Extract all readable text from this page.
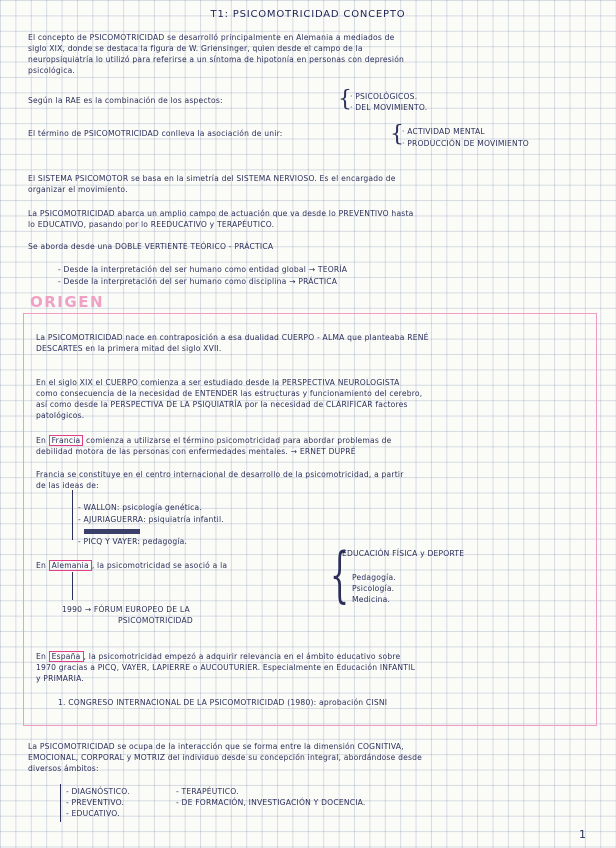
T1: PSICOMOTRICIDAD CONCEPTO
El concepto de PSICOMOTRICIDAD se desarrolló principalmente en Alemania a mediados de
siglo XIX, donde se destaca la figura de W. Griensinger, quien desde el campo de la
neuropsiquiatría lo utilizó para referirse a un síntoma de hipotonía en personas con depresión
psicológica.
Según la RAE es la combinación de los aspectos:	{
· PSICOLÓGICOS.
· DEL MOVIMIENTO.
El término de PSICOMOTRICIDAD conlleva la asociación de unir:	{
· ACTIVIDAD MENTAL
· PRODUCCIÓN DE MOVIMIENTO
El SISTEMA PSICOMOTOR se basa en la simetría del SISTEMA NERVIOSO. Es el encargado de
organizar el movimiento.
La PSICOMOTRICIDAD abarca un amplio campo de actuación que va desde lo PREVENTIVO hasta
lo EDUCATIVO, pasando por lo REEDUCATIVO y TERAPÉUTICO.
Se aborda desde una DOBLE VERTIENTE TEÓRICO - PRÁCTICA
- Desde la interpretación del ser humano como entidad global → TEORÍA
- Desde la interpretación del ser humano como disciplina → PRÁCTICA
ORIGEN
La PSICOMOTRICIDAD nace en contraposición a esa dualidad CUERPO - ALMA que planteaba RENÉ
DESCARTES en la primera mitad del siglo XVII.
En el siglo XIX el CUERPO comienza a ser estudiado desde la PERSPECTIVA NEUROLOGISTA
como consecuencia de la necesidad de ENTENDER las estructuras y funcionamiento del cerebro,
así como desde la PERSPECTIVA DE LA PSIQUIATRÍA por la necesidad de CLARIFICAR factores
patológicos.
En Francia comienza a utilizarse el término psicomotricidad para abordar problemas de
debilidad motora de las personas con enfermedades mentales. → ERNET DUPRÉ
Francia se constituye en el centro internacional de desarrollo de la psicomotricidad, a partir
de las ideas de:
- WALLON: psicología genética.
- AJURIAGUERRA: psiquiatría infantil.
- PICQ Y VAYER: pedagogía.
En Alemania , la psicomotricidad se asoció a la {
EDUCACIÓN FÍSICA y DEPORTE
Pedagogía.
Psicología.
Medicina.
1990 → FÓRUM EUROPEO DE LA
PSICOMOTRICIDAD
En España , la psicomotricidad empezó a adquirir relevancia en el ámbito educativo sobre
1970 gracias a PICQ, VAYER, LAPIERRE o AUCOUTURIER. Especialmente en Educación INFANTIL
y PRIMARIA.
1. CONGRESO INTERNACIONAL DE LA PSICOMOTRICIDAD (1980): aprobación CISNI
La PSICOMOTRICIDAD se ocupa de la interacción que se forma entre la dimensión COGNITIVA,
EMOCIONAL, CORPORAL y MOTRIZ del individuo desde su concepción integral, abordándose desde
diversos ámbitos:
- DIAGNÓSTICO.
- PREVENTIVO.
- EDUCATIVO.
- TERAPÉUTICO.
- DE FORMACIÓN, INVESTIGACIÓN Y DOCENCIA.
1
